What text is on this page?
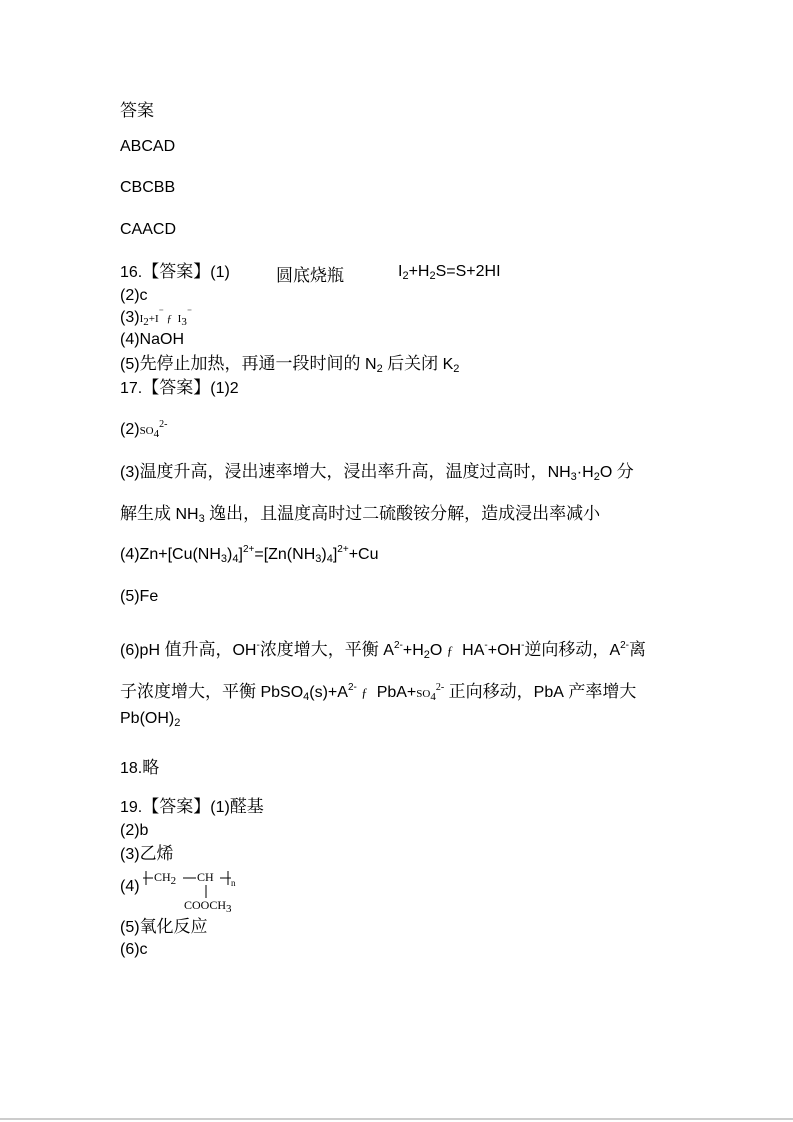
答案
ABCAD
CBCBB
CAACD
16.【答案】(1)	圆底烧瓶	$I_2+H_2S=S+2HI$
(2)c
$(3)I_2+I^{^-}$ ƒ $I_3^{^-}$
(4)NaOH
(5)先停止加热，再通一段时间的 $N_2$ 后关闭 $K_2$
17.【答案】(1)2
$(2)SO_4^{2-}$
(3)温度升高，浸出速率增大，浸出率升高，温度过高时，$NH_3\cdot H_2O$ 分
解生成 $NH_3$ 逸出，且温度高时过二硫酸铵分解，造成浸出率减小
$(4)Zn+[Cu(NH_3)_4]^{2+}=[Zn(NH_3)_4]^{2+}+Cu$
(5)Fe
(6)pH 值升高，OH-浓度增大，平衡 $A^{2-}+H_2O$ ƒ HA-+OH-逆向移动，$A^{2-}$离
子浓度增大，平衡 $PbSO_4(s)+A^{2-}$ ƒ $PbA+SO_4^{2-}$ 正向移动，PbA 产率增大
$Pb(OH)_2$
18.略
19.【答案】(1)醛基
(2)b
(3)乙烯
(4)
$CH_2$ CH n
$COOCH_3$
(5)氧化反应
(6)c
